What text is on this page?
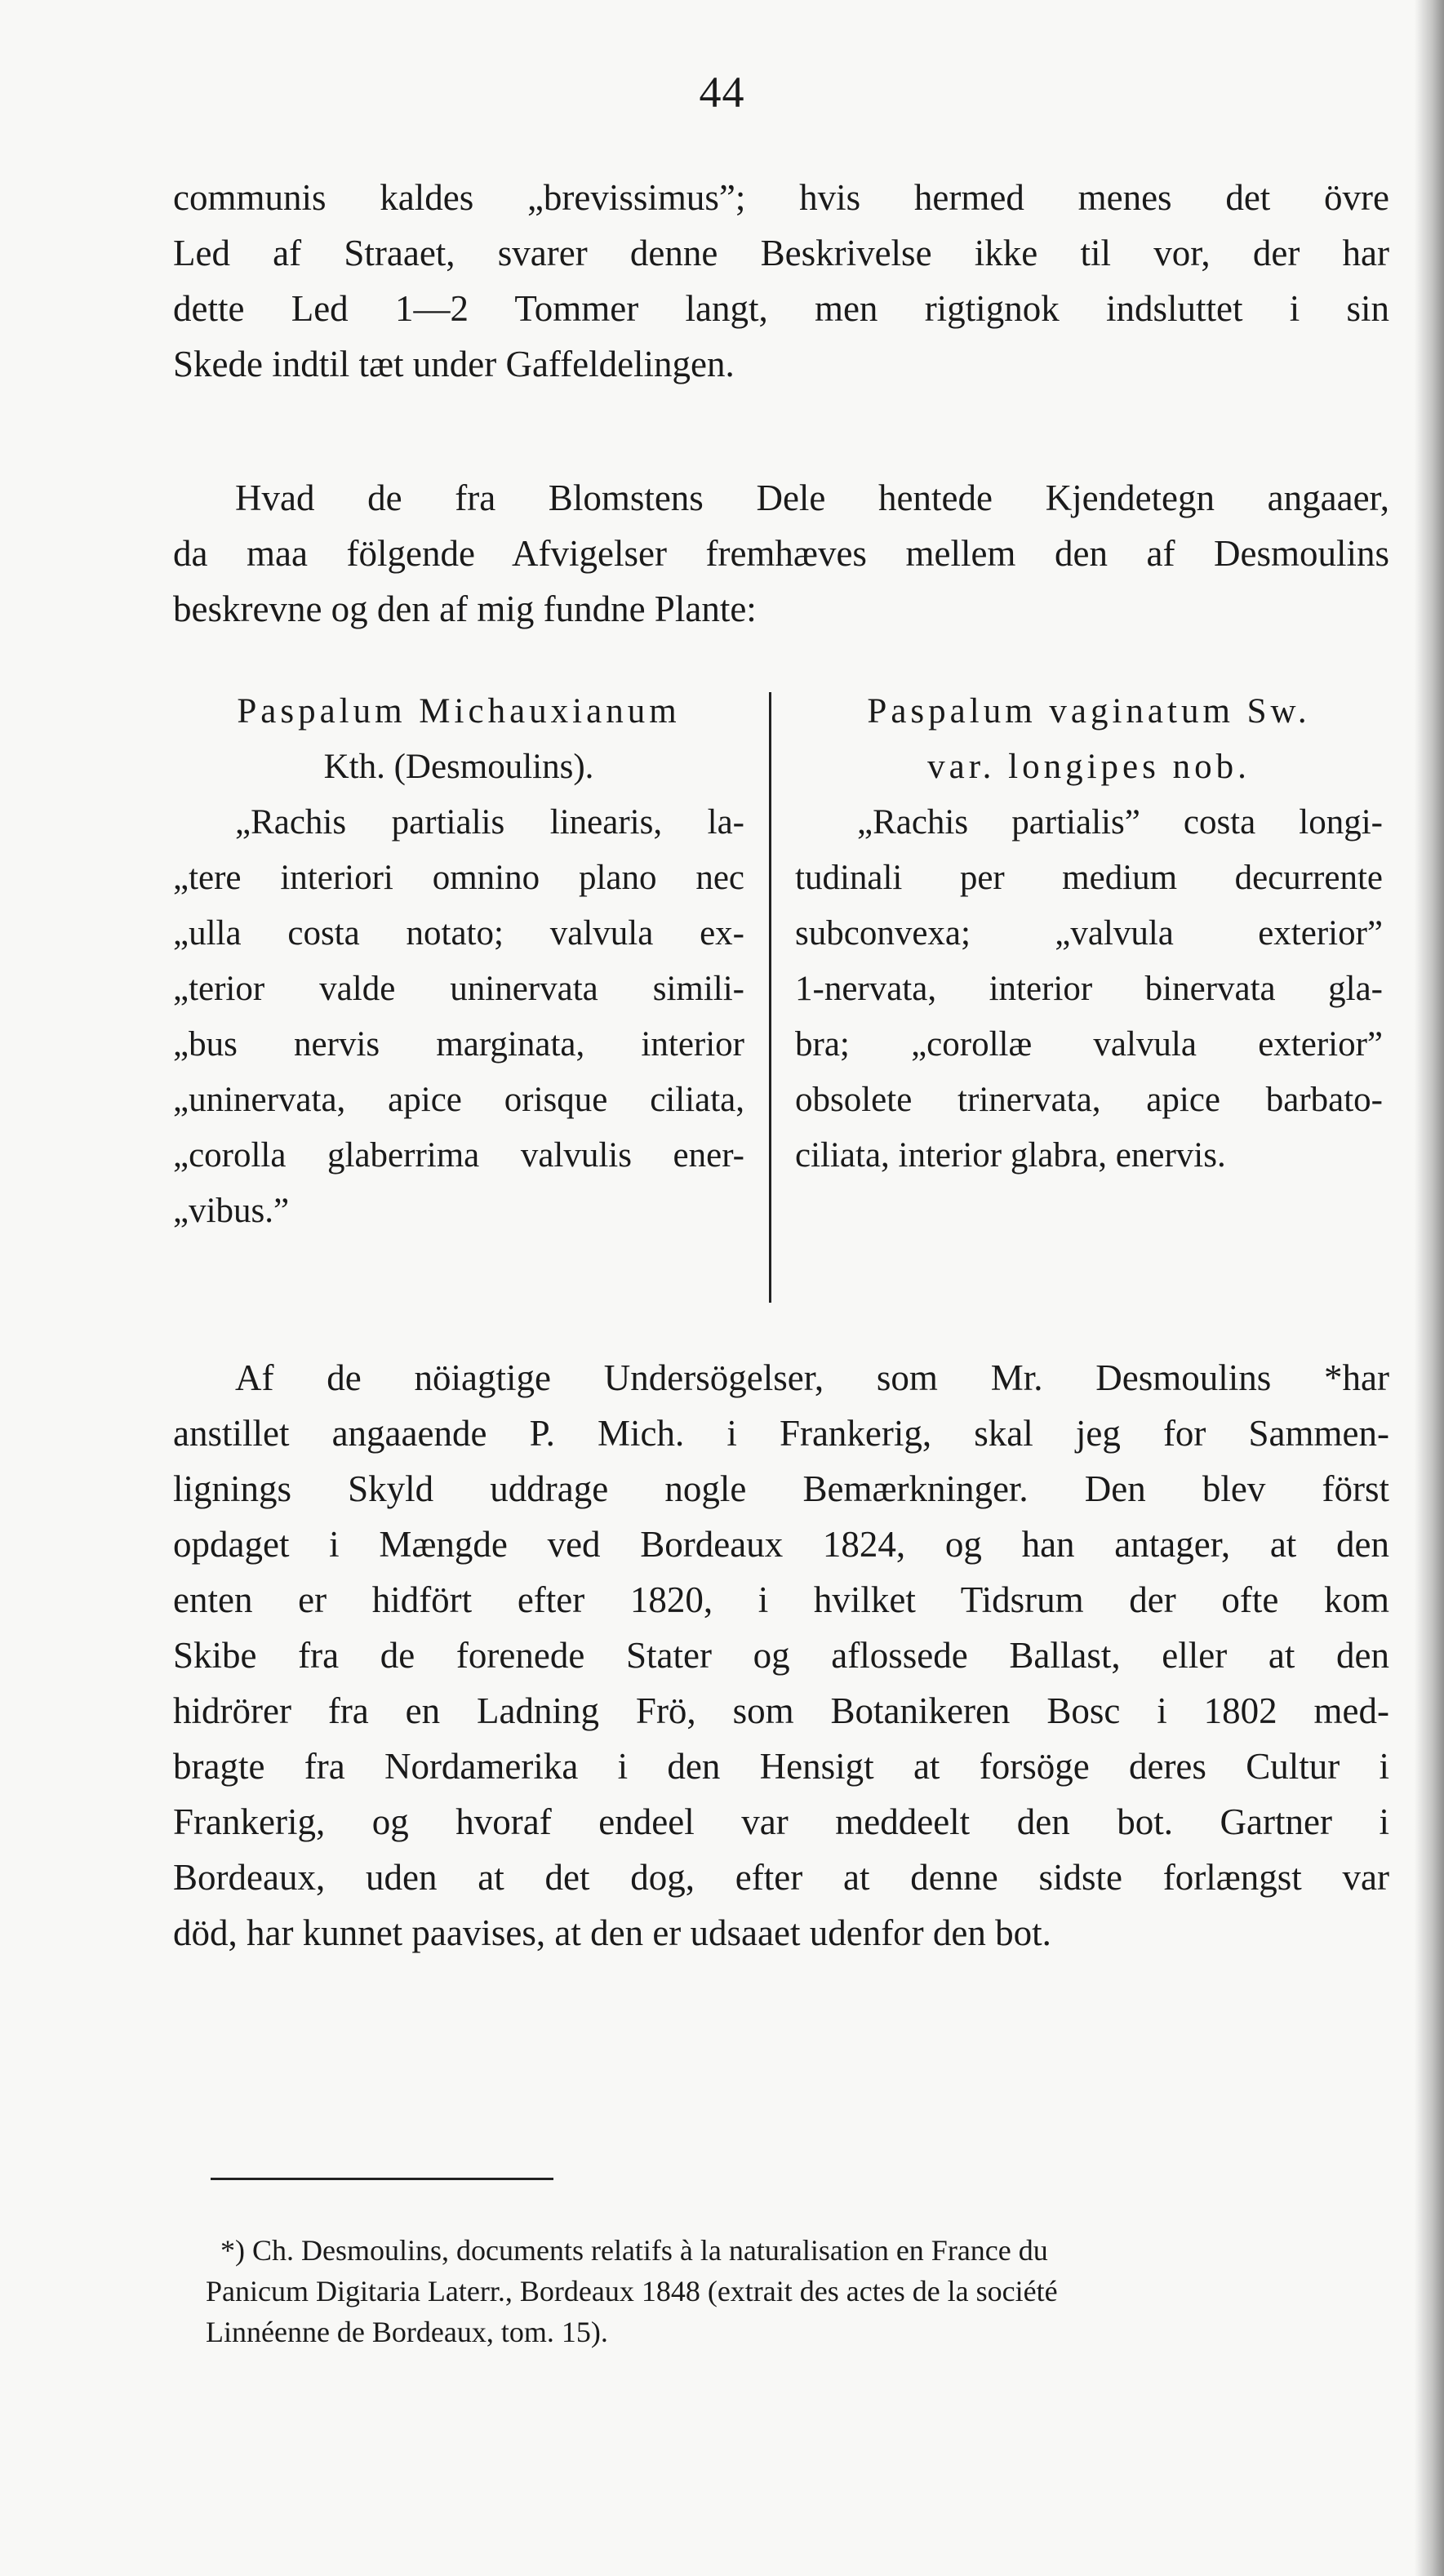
44
communis kaldes „brevissimus”; hvis hermed menes det övre
Led af Straaet, svarer denne Beskrivelse ikke til vor, der har
dette Led 1—2 Tommer langt, men rigtignok indsluttet i sin
Skede indtil tæt under Gaffeldelingen.
Hvad de fra Blomstens Dele hentede Kjendetegn angaaer,
da maa fölgende Afvigelser fremhæves mellem den af Desmoulins
beskrevne og den af mig fundne Plante:
Paspalum Michauxianum
Kth. (Desmoulins).
„Rachis partialis linearis, la-
„tere interiori omnino plano nec
„ulla costa notato; valvula ex-
„terior valde uninervata simili-
„bus nervis marginata, interior
„uninervata, apice orisque ciliata,
„corolla glaberrima valvulis ener-
„vibus.”
Paspalum vaginatum Sw.
var. longipes nob.
„Rachis partialis” costa longi-
tudinali per medium decurrente
subconvexa; „valvula exterior”
1-nervata, interior binervata gla-
bra; „corollæ valvula exterior”
obsolete trinervata, apice barbato-
ciliata, interior glabra, enervis.
Af de nöiagtige Undersögelser, som Mr. Desmoulins *har
anstillet angaaende P. Mich. i Frankerig, skal jeg for Sammen-
lignings Skyld uddrage nogle Bemærkninger. Den blev först
opdaget i Mængde ved Bordeaux 1824, og han antager, at den
enten er hidfört efter 1820, i hvilket Tidsrum der ofte kom
Skibe fra de forenede Stater og aflossede Ballast, eller at den
hidrörer fra en Ladning Frö, som Botanikeren Bosc i 1802 med-
bragte fra Nordamerika i den Hensigt at forsöge deres Cultur i
Frankerig, og hvoraf endeel var meddeelt den bot. Gartner i
Bordeaux, uden at det dog, efter at denne sidste forlængst var
död, har kunnet paavises, at den er udsaaet udenfor den bot.
*) Ch. Desmoulins, documents relatifs à la naturalisation en France du
Panicum Digitaria Laterr., Bordeaux 1848 (extrait des actes de la société
Linnéenne de Bordeaux, tom. 15).
